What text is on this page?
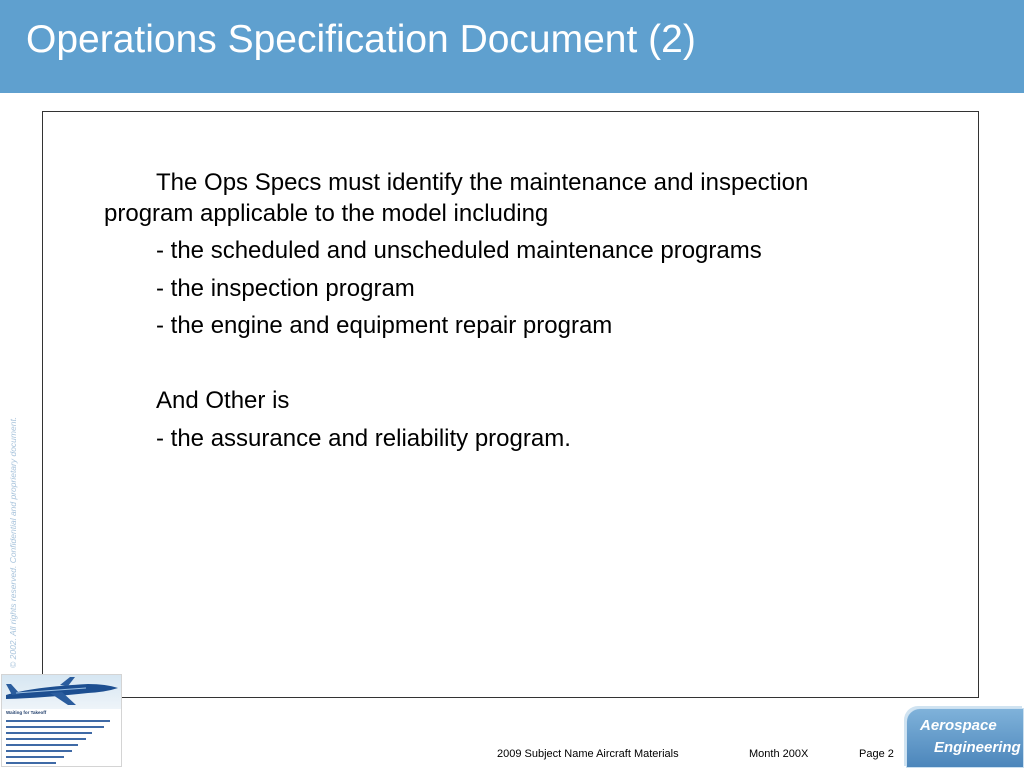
Operations Specification Document (2)
The Ops Specs must identify the maintenance and inspection
program applicable to the model including
- the scheduled and unscheduled maintenance programs
- the inspection program
- the engine and equipment repair program
And Other is
- the assurance and reliability program.
© 2002. All rights reserved. Confidential and proprietary document.
Waiting for Takeoff
2009 Subject Name Aircraft Materials	Month 200X	Page 2
Aerospace
Engineering
